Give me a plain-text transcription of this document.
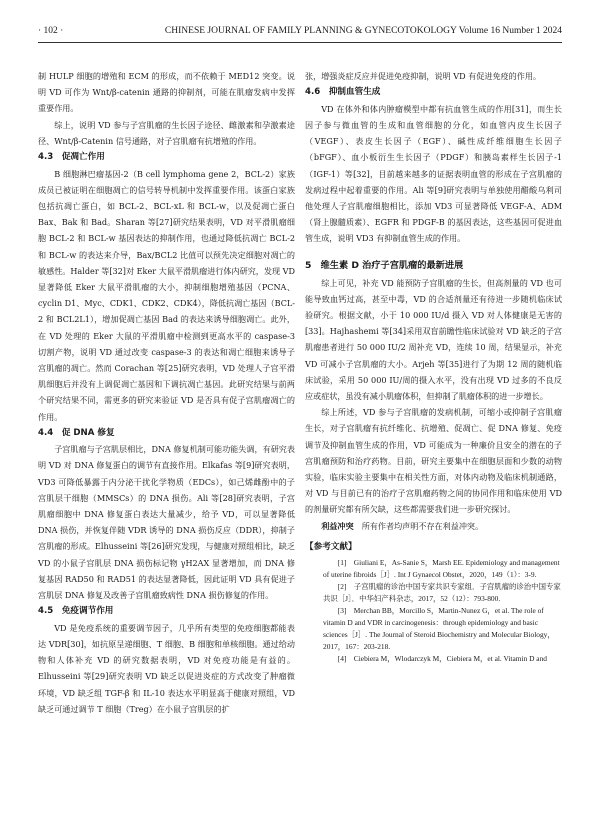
· 102 ·	CHINESE JOURNAL OF FAMILY PLANNING & GYNECOTOKOLOGY Volume 16 Number 1 2024

制 HULP 细胞的增殖和 ECM 的形成，而不依赖于 MED12 突变。说明 VD 可作为 Wnt/β-catenin 通路的抑制剂，可能在肌瘤发病中发挥重要作用。

综上，说明 VD 参与子宫肌瘤的生长因子途径、雌激素和孕激素途径、Wnt/β-Catenin 信号通路，对子宫肌瘤有抗增殖的作用。

4.3　促凋亡作用

B 细胞淋巴瘤基因-2（B cell lymphoma gene 2，BCL-2）家族成员已被证明在细胞凋亡的信号转导机制中发挥重要作用。该蛋白家族包括抗凋亡蛋白，如 BCL-2、BCL-xL 和 BCL-w，以及促凋亡蛋白 Bax、Bak 和 Bad。Sharan 等[27]研究结果表明，VD 对平滑肌瘤细胞 BCL-2 和 BCL-w 基因表达的抑制作用，也通过降低抗凋亡 BCL-2 和 BCL-w 的表达来介导，Bax/BCL2 比值可以预先决定细胞对凋亡的敏感性。Halder 等[32]对 Eker 大鼠平滑肌瘤进行体内研究，发现 VD 显著降低 Eker 大鼠平滑肌瘤的大小，抑制细胞增殖基因（PCNA、cyclin D1、Myc、CDK1、CDK2、CDK4），降低抗凋亡基因（BCL-2 和 BCL2L1），增加促凋亡基因 Bad 的表达来诱导细胞凋亡。此外，在 VD 处理的 Eker 大鼠的平滑肌瘤中检测到更高水平的 caspase-3 切割产物，说明 VD 通过改变 caspase-3 的表达和凋亡细胞来诱导子宫肌瘤的凋亡。然而 Corachan 等[25]研究表明，VD 处理人子宫平滑肌细胞后并没有上调促凋亡基因和下调抗凋亡基因。此研究结果与前两个研究结果不同，需更多的研究来验证 VD 是否具有促子宫肌瘤凋亡的作用。

4.4　促 DNA 修复

子宫肌瘤与子宫肌层相比，DNA 修复机制可能功能失调，有研究表明 VD 对 DNA 修复蛋白的调节有直接作用。Elkafas 等[9]研究表明，VD3 可降低暴露于内分泌干扰化学物质（EDCs），如己烯雌酚中的子宫肌层干细胞（MMSCs）的 DNA 损伤。Ali 等[28]研究表明，子宫肌瘤细胞中 DNA 修复蛋白表达大量减少，给予 VD，可以显著降低 DNA 损伤，并恢复伴随 VDR 诱导的 DNA 损伤反应（DDR），抑制子宫肌瘤的形成。Elhusseini 等[26]研究发现，与健康对照组相比，缺乏 VD 的小鼠子宫肌层 DNA 损伤标记物 γH2AX 显著增加，而 DNA 修复基因 RAD50 和 RAD51 的表达显著降低，因此证明 VD 具有促进子宫肌层 DNA 修复及改善子宫肌瘤致病性 DNA 损伤修复的作用。

4.5　免疫调节作用

VD 是免疫系统的重要调节因子，几乎所有类型的免疫细胞都能表达 VDR[30]，如抗原呈递细胞、T 细胞、B 细胞和单核细胞。通过给动物和人体补充 VD 的研究数据表明，VD 对免疫功能是有益的。Elhusseini 等[29]研究表明 VD 缺乏以促进炎症的方式改变了肿瘤微环境，VD 缺乏组 TGF-β 和 IL-10 表达水平明显高于健康对照组，VD 缺乏可通过调节 T 细胞（Treg）在小鼠子宫肌层的扩

张，增强炎症反应并促进免疫抑制，说明 VD 有促进免疫的作用。

4.6　抑制血管生成

VD 在体外和体内肿瘤模型中都有抗血管生成的作用[31]，而生长因子参与微血管的生成和血管细胞的分化，如血管内皮生长因子（VEGF）、表皮生长因子（EGF）、碱性成纤维细胞生长因子（bFGF）、血小板衍生生长因子（PDGF）和胰岛素样生长因子-1（IGF-1）等[32]，目前越来越多的证据表明血管的形成在子宫肌瘤的发病过程中起着重要的作用。Ali 等[9]研究表明与单独使用醋酸乌利司他处理人子宫肌瘤细胞相比，添加 VD3 可显著降低 VEGF-A、ADM（肾上腺髓质素）、EGFR 和 PDGF-B 的基因表达，这些基因可促进血管生成，说明 VD3 有抑制血管生成的作用。

5　维生素 D 治疗子宫肌瘤的最新进展

综上可见，补充 VD 能预防子宫肌瘤的生长，但高剂量的 VD 也可能导致血钙过高，甚至中毒，VD 的合适剂量还有待进一步随机临床试验研究。根据文献，小于 10 000 IU/d 摄入 VD 对人体健康是无害的[33]。Hajhashemi 等[34]采用双盲前瞻性临床试验对 VD 缺乏的子宫肌瘤患者进行 50 000 IU/2 周补充 VD，连续 10 周，结果显示，补充 VD 可减小子宫肌瘤的大小。Arjeh 等[35]进行了为期 12 周的随机临床试验，采用 50 000 IU/周的摄入水平，没有出现 VD 过多的不良反应或症状，虽没有减小肌瘤体积，但抑制了肌瘤体积的进一步增长。

综上所述，VD 参与子宫肌瘤的发病机制，可缩小或抑制子宫肌瘤生长，对子宫肌瘤有抗纤维化、抗增殖、促凋亡、促 DNA 修复、免疫调节及抑制血管生成的作用，VD 可能成为一种廉价且安全的潜在的子宫肌瘤预防和治疗药物。目前，研究主要集中在细胞层面和少数的动物实验，临床实验主要集中在相关性方面，对体内动物及临床机制通路，对 VD 与目前已有的治疗子宫肌瘤药物之间的协同作用和临床使用 VD 的剂量研究都有所欠缺，这些都需要我们进一步研究探讨。

利益冲突　 所有作者均声明不存在利益冲突。

【参考文献】

[1]　Giuliani E，As-Sanie S，Marsh EE. Epidemiology and management of uterine fibroids［J］. Int J Gynaecol Obstet，2020，149（1）：3-9.

[2]　子宫肌瘤的诊治中国专家共识专家组．子宫肌瘤的诊治中国专家共识［J］．中华妇产科杂志，2017，52（12）：793-800.

[3]　Merchan BB，Morcillo S，Martin-Nunez G，et al. The role of vitamin D and VDR in carcinogenesis：through epidemiology and basic sciences［J］. The Journal of Steroid Biochemistry and Molecular Biology，2017，167：203-218.

[4]　Ciebiera M，Wlodarczyk M，Ciebiera M，et al. Vitamin D and
